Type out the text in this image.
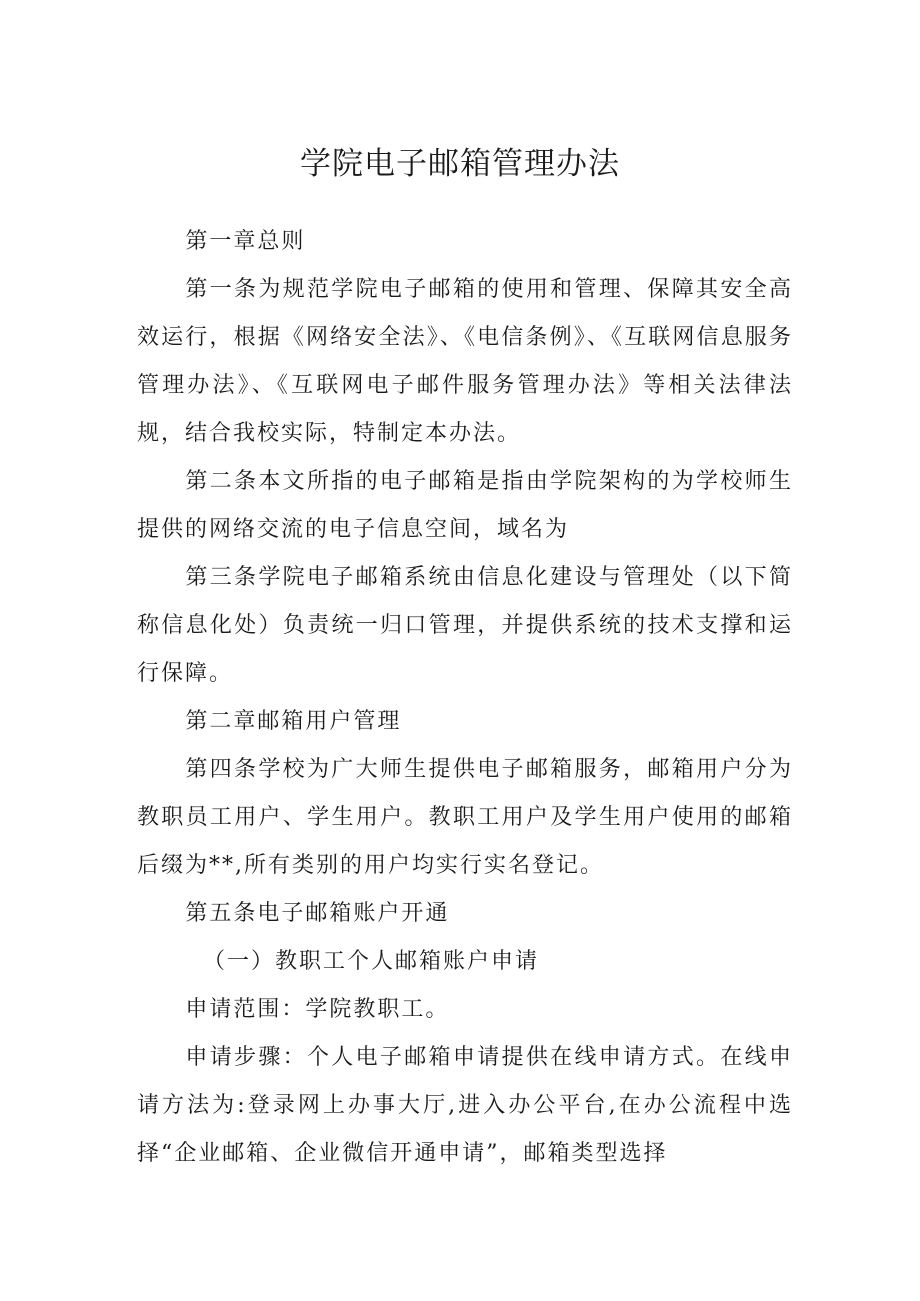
学院电子邮箱管理办法

第一章总则

第一条为规范学院电子邮箱的使用和管理、保障其安全高效运行，根据《网络安全法》、《电信条例》、《互联网信息服务管理办法》、《互联网电子邮件服务管理办法》等相关法律法规，结合我校实际，特制定本办法。

第二条本文所指的电子邮箱是指由学院架构的为学校师生提供的网络交流的电子信息空间，域名为

第三条学院电子邮箱系统由信息化建设与管理处（以下简称信息化处）负责统一归口管理，并提供系统的技术支撑和运行保障。

第二章邮箱用户管理

第四条学校为广大师生提供电子邮箱服务，邮箱用户分为教职员工用户、学生用户。教职工用户及学生用户使用的邮箱后缀为**,所有类别的用户均实行实名登记。

第五条电子邮箱账户开通

（一）教职工个人邮箱账户申请

申请范围：学院教职工。

申请步骤：个人电子邮箱申请提供在线申请方式。在线申请方法为:登录网上办事大厅,进入办公平台,在办公流程中选择“企业邮箱、企业微信开通申请”，邮箱类型选择
